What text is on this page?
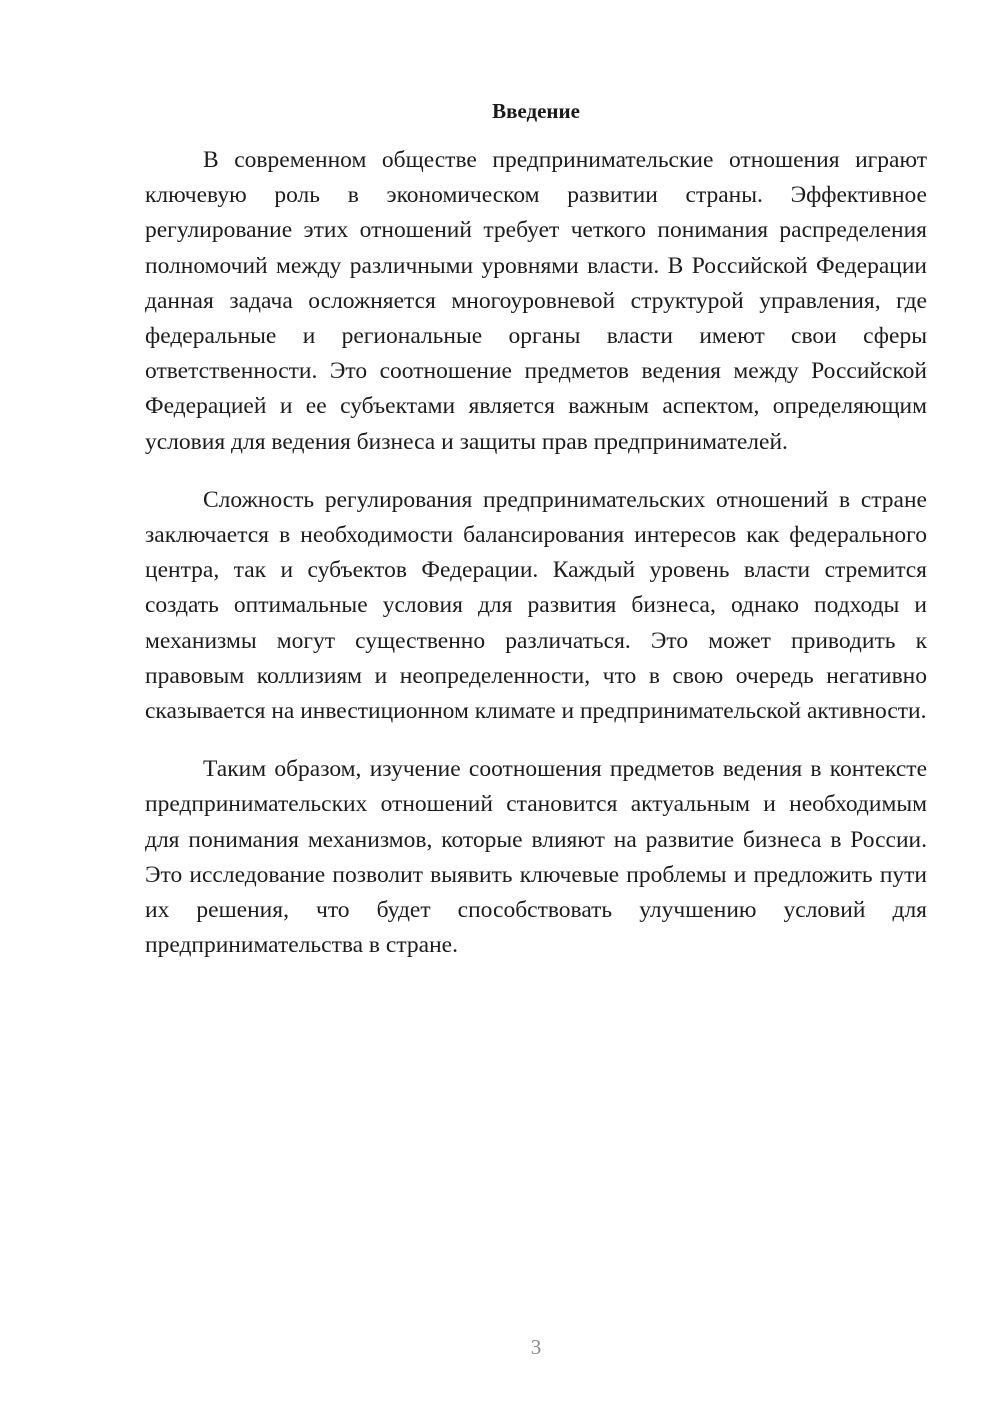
Введение

В современном обществе предпринимательские отношения играют ключевую роль в экономическом развитии страны. Эффективное регулирование этих отношений требует четкого понимания распределения полномочий между различными уровнями власти. В Российской Федерации данная задача осложняется многоуровневой структурой управления, где федеральные и региональные органы власти имеют свои сферы ответственности. Это соотношение предметов ведения между Российской Федерацией и ее субъектами является важным аспектом, определяющим условия для ведения бизнеса и защиты прав предпринимателей.

Сложность регулирования предпринимательских отношений в стране заключается в необходимости балансирования интересов как федерального центра, так и субъектов Федерации. Каждый уровень власти стремится создать оптимальные условия для развития бизнеса, однако подходы и механизмы могут существенно различаться. Это может приводить к правовым коллизиям и неопределенности, что в свою очередь негативно сказывается на инвестиционном климате и предпринимательской активности.

Таким образом, изучение соотношения предметов ведения в контексте предпринимательских отношений становится актуальным и необходимым для понимания механизмов, которые влияют на развитие бизнеса в России. Это исследование позволит выявить ключевые проблемы и предложить пути их решения, что будет способствовать улучшению условий для предпринимательства в стране.

3
